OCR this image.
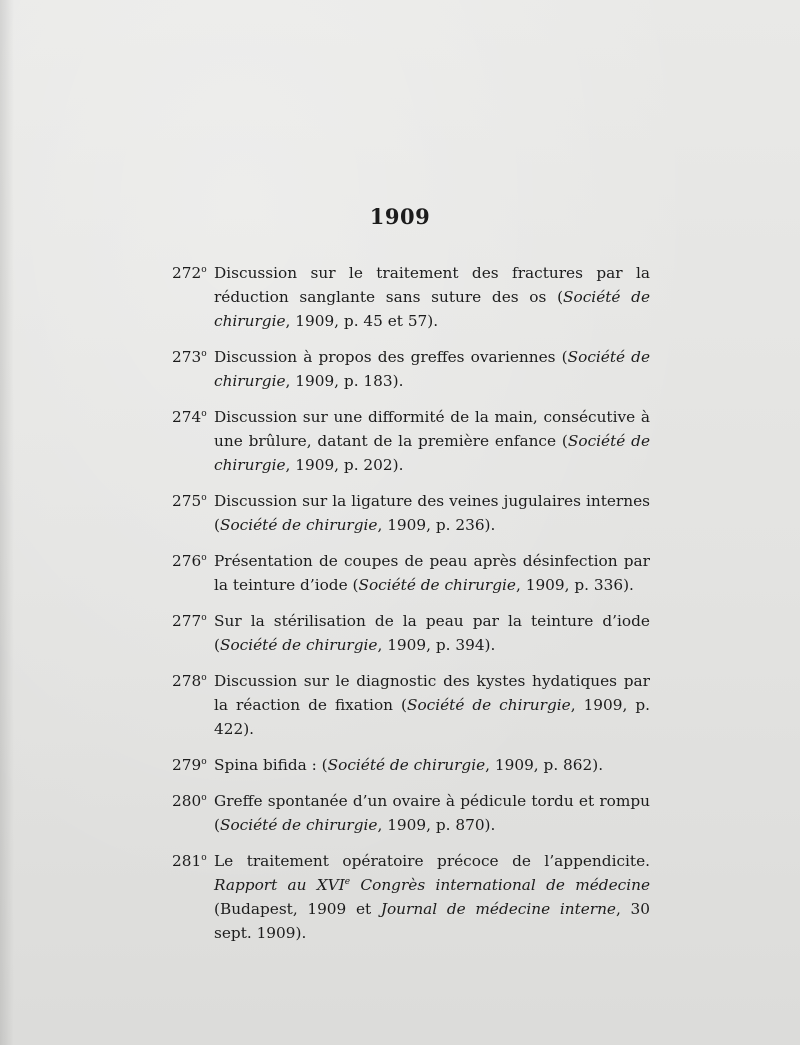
1909
272$^o$ Discussion sur le traitement des fractures par la réduction sanglante sans suture des os (Société de chirurgie, 1909, p. 45 et 57).
273$^o$ Discussion à propos des greffes ovariennes (Société de chirurgie, 1909, p. 183).
274$^o$ Discussion sur une difformité de la main, consécutive à une brûlure, datant de la première enfance (Société de chirurgie, 1909, p. 202).
275$^o$ Discussion sur la ligature des veines jugulaires internes (Société de chirurgie, 1909, p. 236).
276$^o$ Présentation de coupes de peau après désinfection par la teinture d’iode (Société de chirurgie, 1909, p. 336).
277$^o$ Sur la stérilisation de la peau par la teinture d’iode (Société de chirurgie, 1909, p. 394).
278$^o$ Discussion sur le diagnostic des kystes hydatiques par la réaction de fixation (Société de chirurgie, 1909, p. 422).
279$^o$ Spina bifida : (Société de chirurgie, 1909, p. 862).
280$^o$ Greffe spontanée d’un ovaire à pédicule tordu et rompu (Société de chirurgie, 1909, p. 870).
281$^o$ Le traitement opératoire précoce de l’appendicite. Rapport au XVIe Congrès international de médecine (Budapest, 1909 et Journal de médecine interne, 30 sept. 1909).
